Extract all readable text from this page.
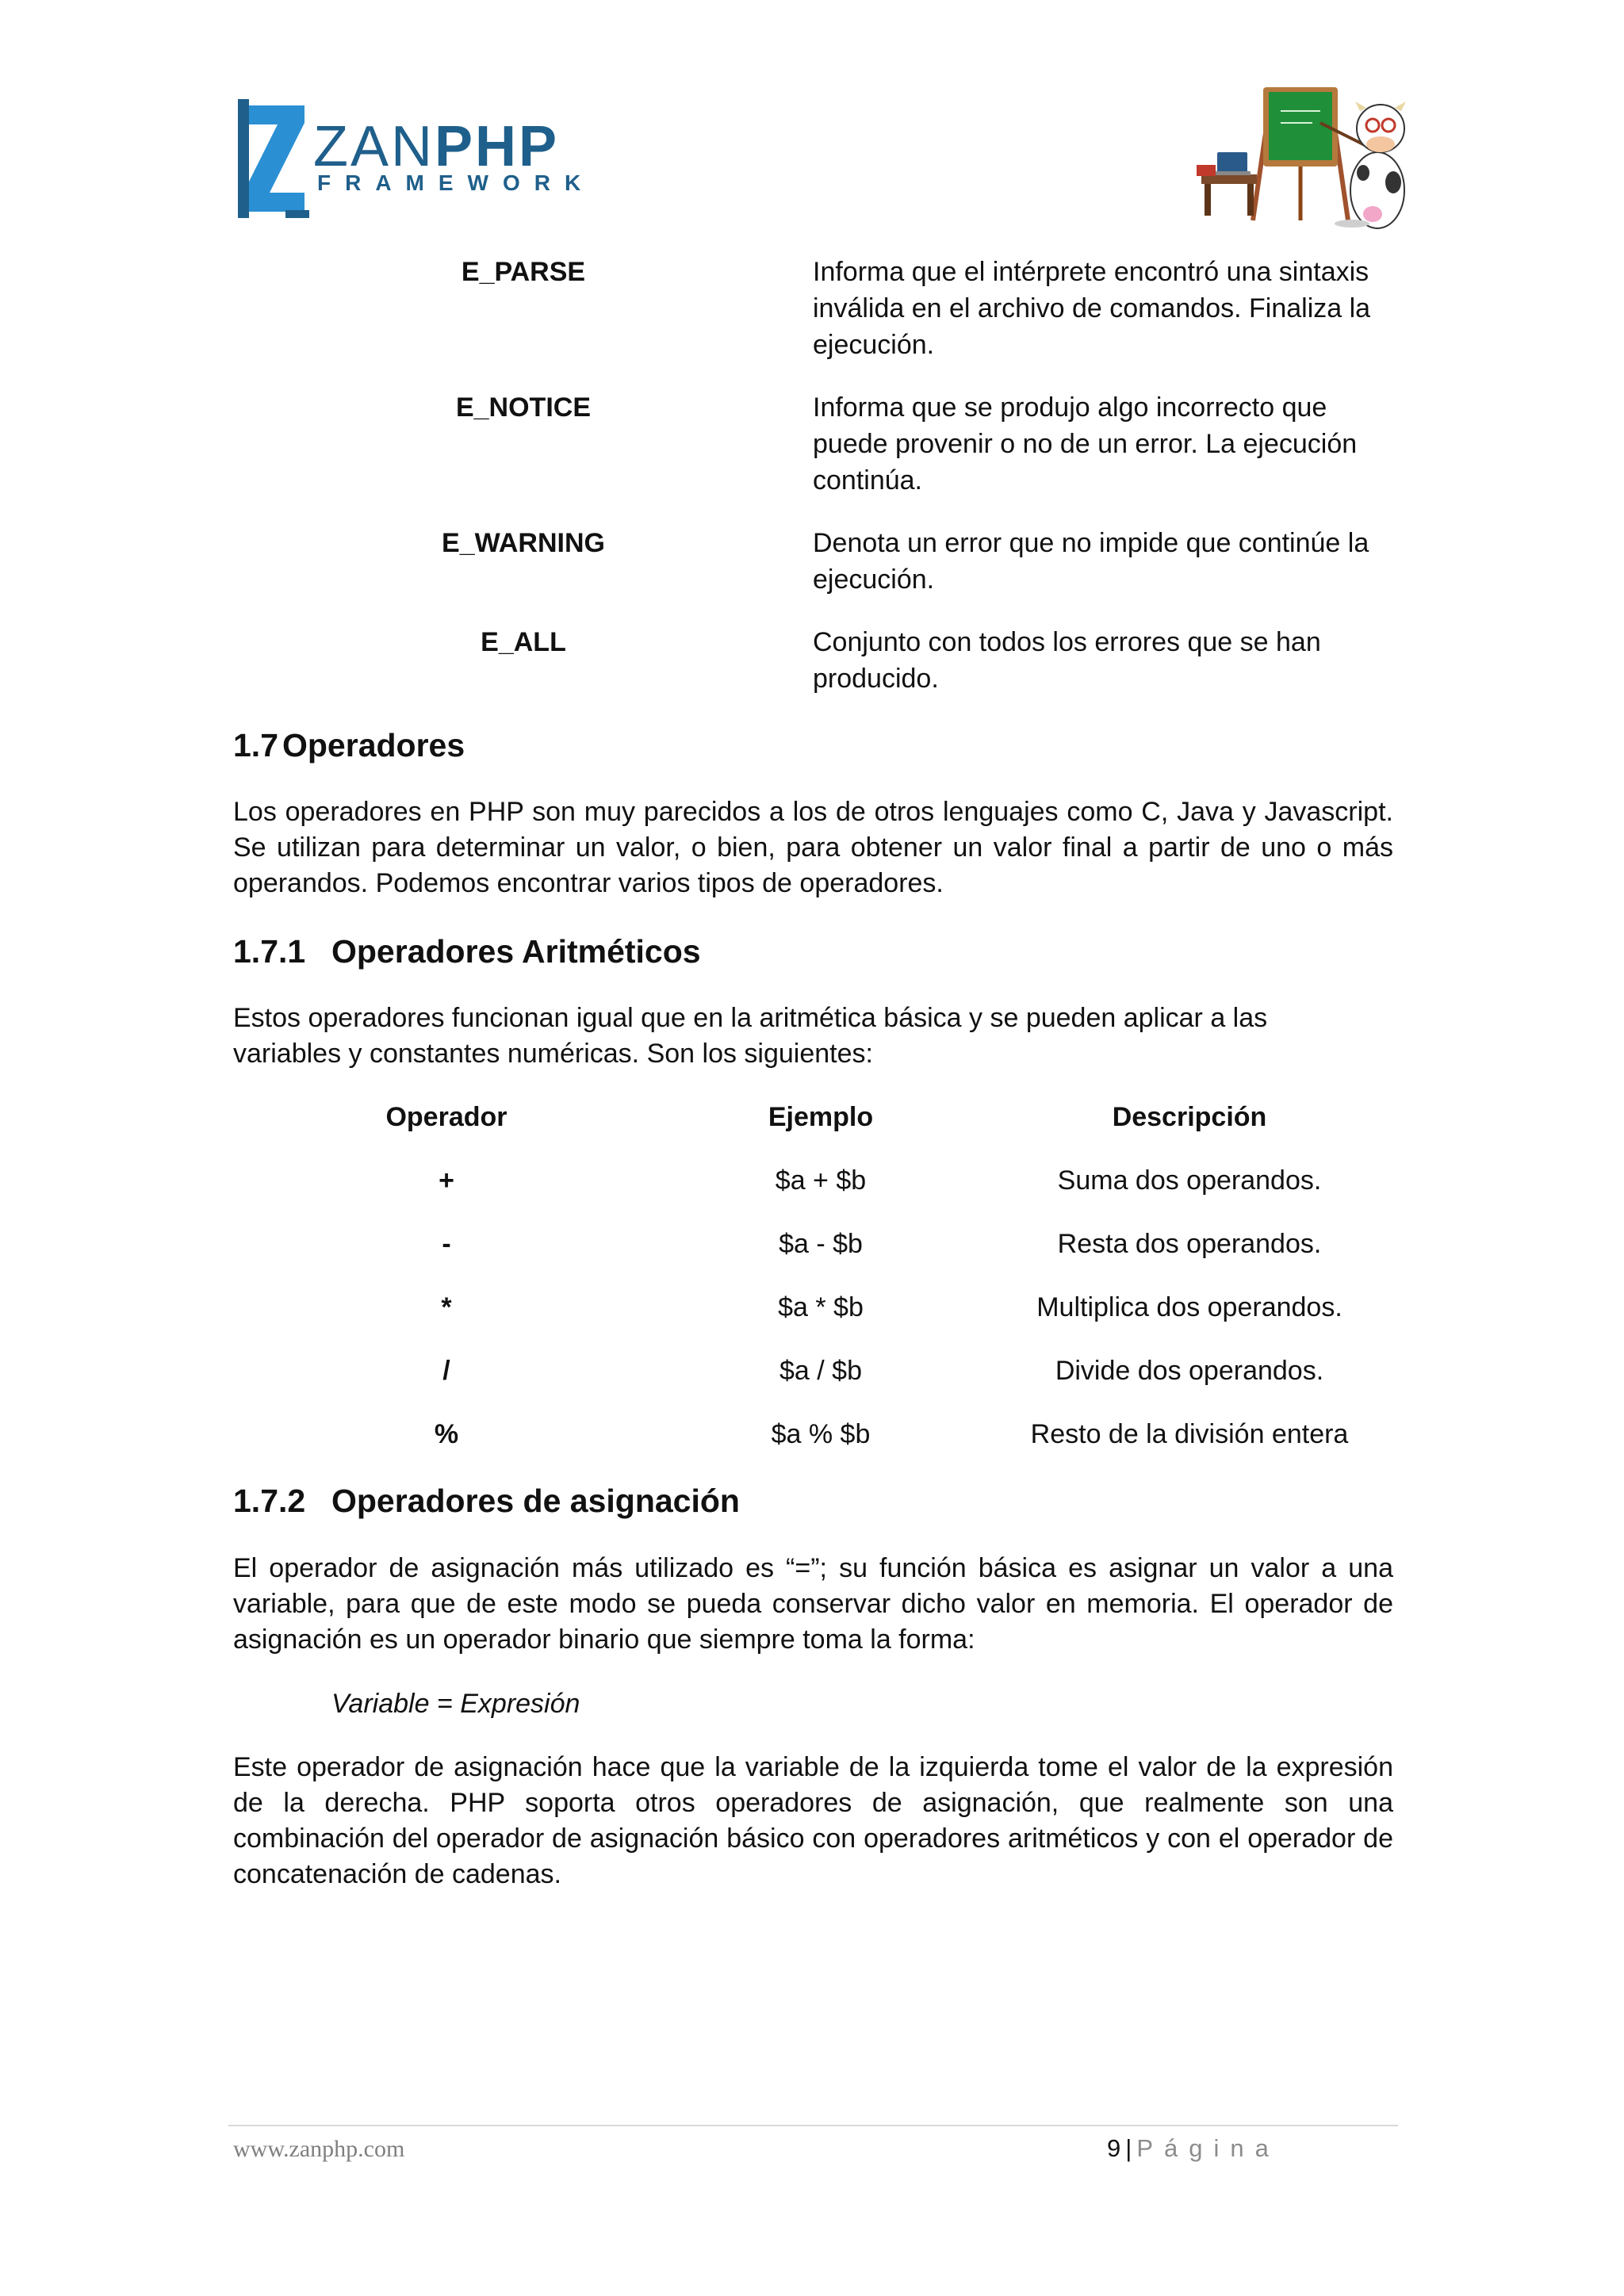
ZANPHP
FRAMEWORK
E_PARSE	Informa que el intérprete encontró una sintaxis
inválida en el archivo de comandos. Finaliza la
ejecución.
E_NOTICE	Informa que se produjo algo incorrecto que
puede provenir o no de un error. La ejecución
continúa.
E_WARNING	Denota un error que no impide que continúe la
ejecución.
E_ALL	Conjunto con todos los errores que se han
producido.
1.7 Operadores

Los operadores en PHP son muy parecidos a los de otros lenguajes como C, Java y Javascript. Se utilizan para determinar un valor, o bien, para obtener un valor final a partir de uno o más operandos. Podemos encontrar varios tipos de operadores.

1.7.1 Operadores Aritméticos
Estos operadores funcionan igual que en la aritmética básica y se pueden aplicar a las
variables y constantes numéricas. Son los siguientes:
Operador	Ejemplo	Descripción
+	$a + $b	Suma dos operandos.
-	$a - $b	Resta dos operandos.
*	$a * $b	Multiplica dos operandos.
/	$a / $b	Divide dos operandos.
%	$a % $b	Resto de la división entera
1.7.2 Operadores de asignación

El operador de asignación más utilizado es “=”; su función básica es asignar un valor a una variable, para que de este modo se pueda conservar dicho valor en memoria. El operador de asignación es un operador binario que siempre toma la forma:

Variable = Expresión

Este operador de asignación hace que la variable de la izquierda tome el valor de la expresión de la derecha. PHP soporta otros operadores de asignación, que realmente son una combinación del operador de asignación básico con operadores aritméticos y con el operador de concatenación de cadenas.

www.zanphp.com	9 | Página
